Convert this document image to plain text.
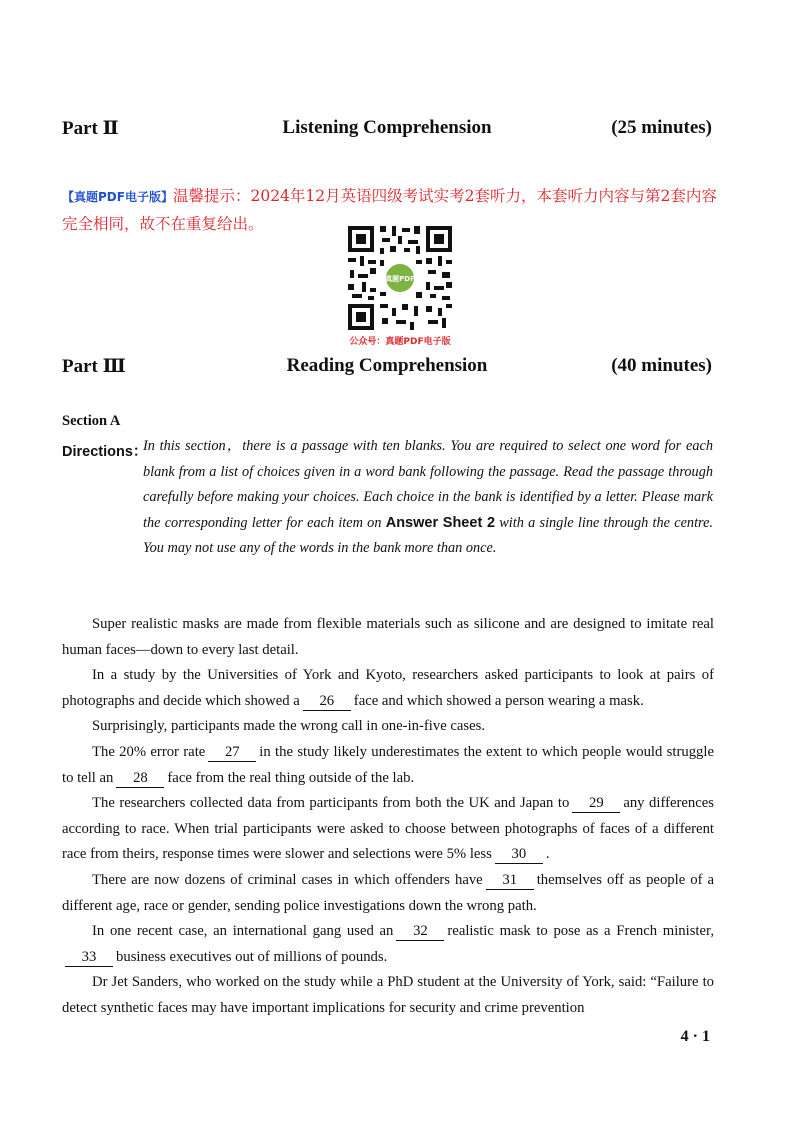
Part Ⅱ	Listening Comprehension	(25 minutes)
【真题PDF电子版】温馨提示：2024年12月英语四级考试实考2套听力，本套听力内容与第2套内容完全相同，故不在重复给出。
真题PDF
公众号：真题PDF电子版
Part Ⅲ	Reading Comprehension	(40 minutes)
Section A
Directions：
In this section，there is a passage with ten blanks. You are required to select one word for each blank from a list of choices given in a word bank following the passage. Read the passage through carefully before making your choices. Each choice in the bank is identified by a letter. Please mark the corresponding letter for each item on Answer Sheet 2 with a single line through the centre. You may not use any of the words in the bank more than once.

Super realistic masks are made from flexible materials such as silicone and are designed to imitate real human faces—down to every last detail.

In a study by the Universities of York and Kyoto, researchers asked participants to look at pairs of photographs and decide which showed a 26 face and which showed a person wearing a mask.

Surprisingly, participants made the wrong call in one-in-five cases.

The 20% error rate 27 in the study likely underestimates the extent to which people would struggle to tell an 28 face from the real thing outside of the lab.

The researchers collected data from participants from both the UK and Japan to 29 any differences according to race. When trial participants were asked to choose between photographs of faces of a different race from theirs, response times were slower and selections were 5% less 30 .

There are now dozens of criminal cases in which offenders have 31 themselves off as people of a different age, race or gender, sending police investigations down the wrong path.

In one recent case, an international gang used an 32 realistic mask to pose as a French minister,33 business executives out of millions of pounds.

Dr Jet Sanders, who worked on the study while a PhD student at the University of York, said: “Failure to detect synthetic faces may have important implications for security and crime prevention

4 · 1
